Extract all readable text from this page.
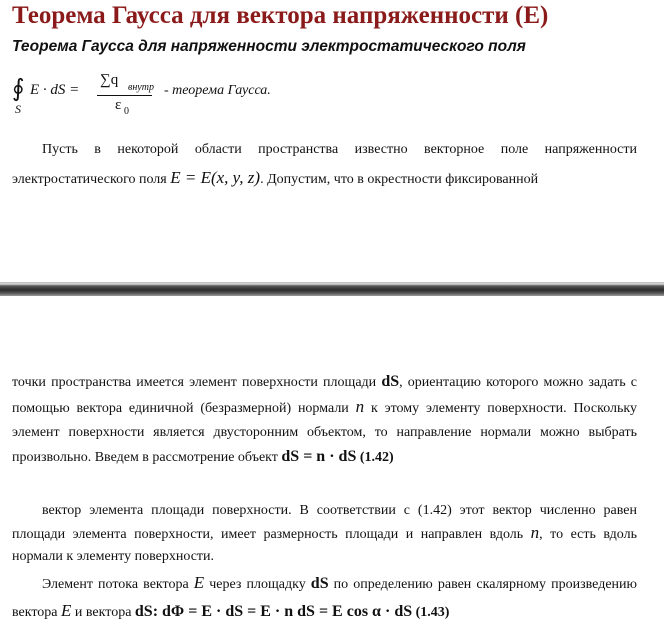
Теорема Гаусса для вектора напряженности (Е)
Теорема Гаусса для напряженности электростатического поля
∮
S
E · dS =
∑q внутр
ε 0
- теорема Гаусса.

Пусть в некоторой области пространства известно векторное поле напряженности электростатического поля E = E(x, y, z). Допустим, что в окрестности фиксированной

точки пространства имеется элемент поверхности площади dS, ориентацию которого можно задать с помощью вектора единичной (безразмерной) нормали n к этому элементу поверхности. Поскольку элемент поверхности является двусторонним объектом, то направление нормали можно выбрать произвольно. Введем в рассмотрение объект dS = n · dS (1.42)

вектор элемента площади поверхности. В соответствии с (1.42) этот вектор численно равен площади элемента поверхности, имеет размерность площади и направлен вдоль n, то есть вдоль нормали к элементу поверхности.

Элемент потока вектора E через площадку dS по определению равен скалярному произведению вектора E и вектора dS: dΦ = E · dS = E · n dS = E cos α · dS (1.43)
